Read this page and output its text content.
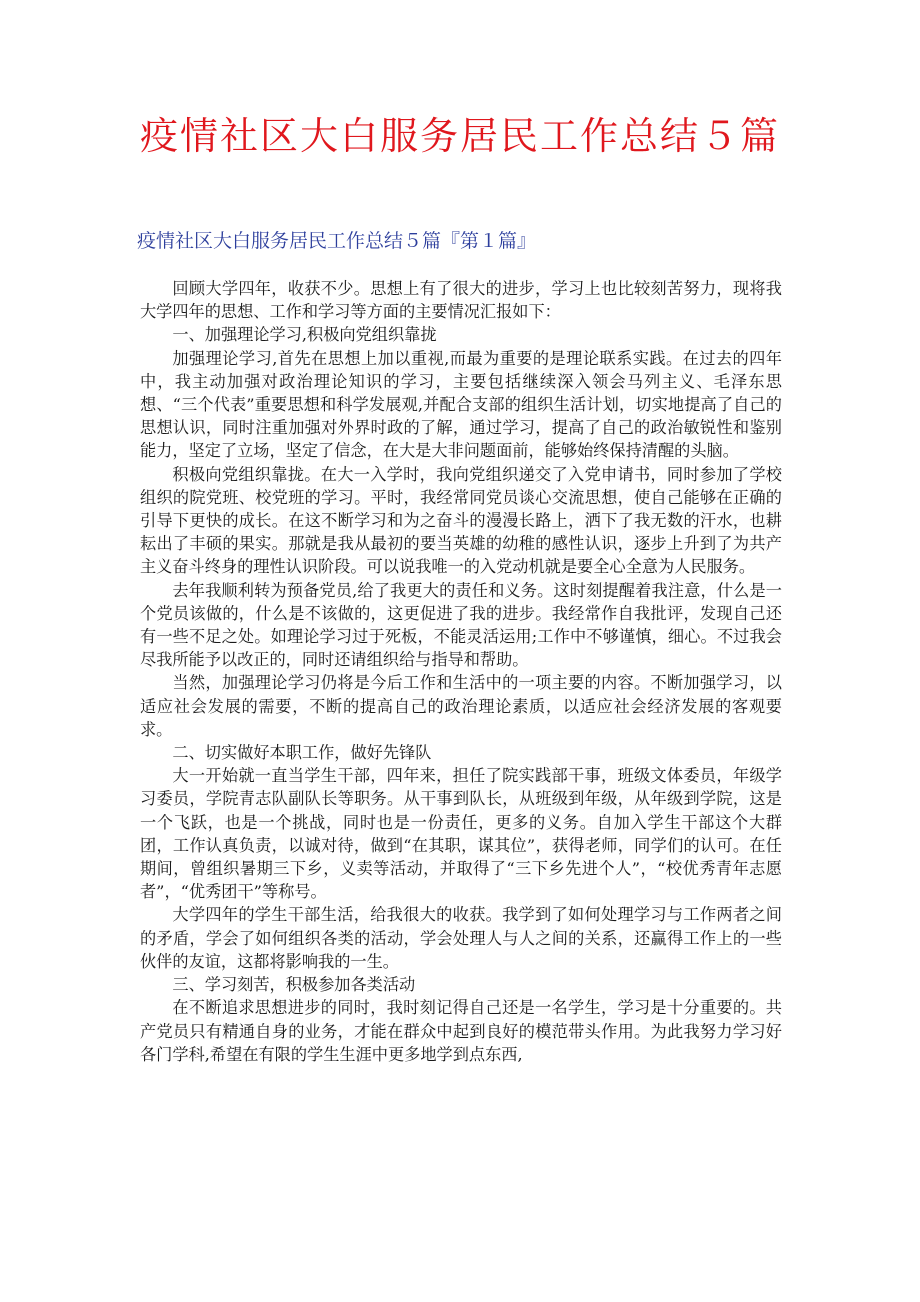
疫情社区大白服务居民工作总结５篇
疫情社区大白服务居民工作总结５篇『第１篇』

回顾大学四年，收获不少。思想上有了很大的进步，学习上也比较刻苦努力，现将我大学四年的思想、工作和学习等方面的主要情况汇报如下：

一、加强理论学习,积极向党组织靠拢

加强理论学习,首先在思想上加以重视,而最为重要的是理论联系实践。在过去的四年中，我主动加强对政治理论知识的学习，主要包括继续深入领会马列主义、毛泽东思想、“三个代表”重要思想和科学发展观,并配合支部的组织生活计划，切实地提高了自己的思想认识，同时注重加强对外界时政的了解，通过学习，提高了自己的政治敏锐性和鉴别能力，坚定了立场，坚定了信念，在大是大非问题面前，能够始终保持清醒的头脑。

积极向党组织靠拢。在大一入学时，我向党组织递交了入党申请书，同时参加了学校组织的院党班、校党班的学习。平时，我经常同党员谈心交流思想，使自己能够在正确的引导下更快的成长。在这不断学习和为之奋斗的漫漫长路上，洒下了我无数的汗水，也耕耘出了丰硕的果实。那就是我从最初的要当英雄的幼稚的感性认识，逐步上升到了为共产主义奋斗终身的理性认识阶段。可以说我唯一的入党动机就是要全心全意为人民服务。

去年我顺利转为预备党员,给了我更大的责任和义务。这时刻提醒着我注意，什么是一个党员该做的，什么是不该做的，这更促进了我的进步。我经常作自我批评，发现自己还有一些不足之处。如理论学习过于死板，不能灵活运用;工作中不够谨慎，细心。不过我会尽我所能予以改正的，同时还请组织给与指导和帮助。

当然，加强理论学习仍将是今后工作和生活中的一项主要的内容。不断加强学习，以适应社会发展的需要，不断的提高自己的政治理论素质，以适应社会经济发展的客观要求。

二、切实做好本职工作，做好先锋队

大一开始就一直当学生干部，四年来，担任了院实践部干事，班级文体委员，年级学习委员，学院青志队副队长等职务。从干事到队长，从班级到年级，从年级到学院，这是一个飞跃，也是一个挑战，同时也是一份责任，更多的义务。自加入学生干部这个大群团，工作认真负责，以诚对待，做到“在其职，谋其位”，获得老师，同学们的认可。在任期间，曾组织暑期三下乡，义卖等活动，并取得了“三下乡先进个人”，“校优秀青年志愿者”，“优秀团干”等称号。

大学四年的学生干部生活，给我很大的收获。我学到了如何处理学习与工作两者之间的矛盾，学会了如何组织各类的活动，学会处理人与人之间的关系，还赢得工作上的一些伙伴的友谊，这都将影响我的一生。

三、学习刻苦，积极参加各类活动

在不断追求思想进步的同时，我时刻记得自己还是一名学生，学习是十分重要的。共产党员只有精通自身的业务，才能在群众中起到良好的模范带头作用。为此我努力学习好各门学科,希望在有限的学生生涯中更多地学到点东西,
